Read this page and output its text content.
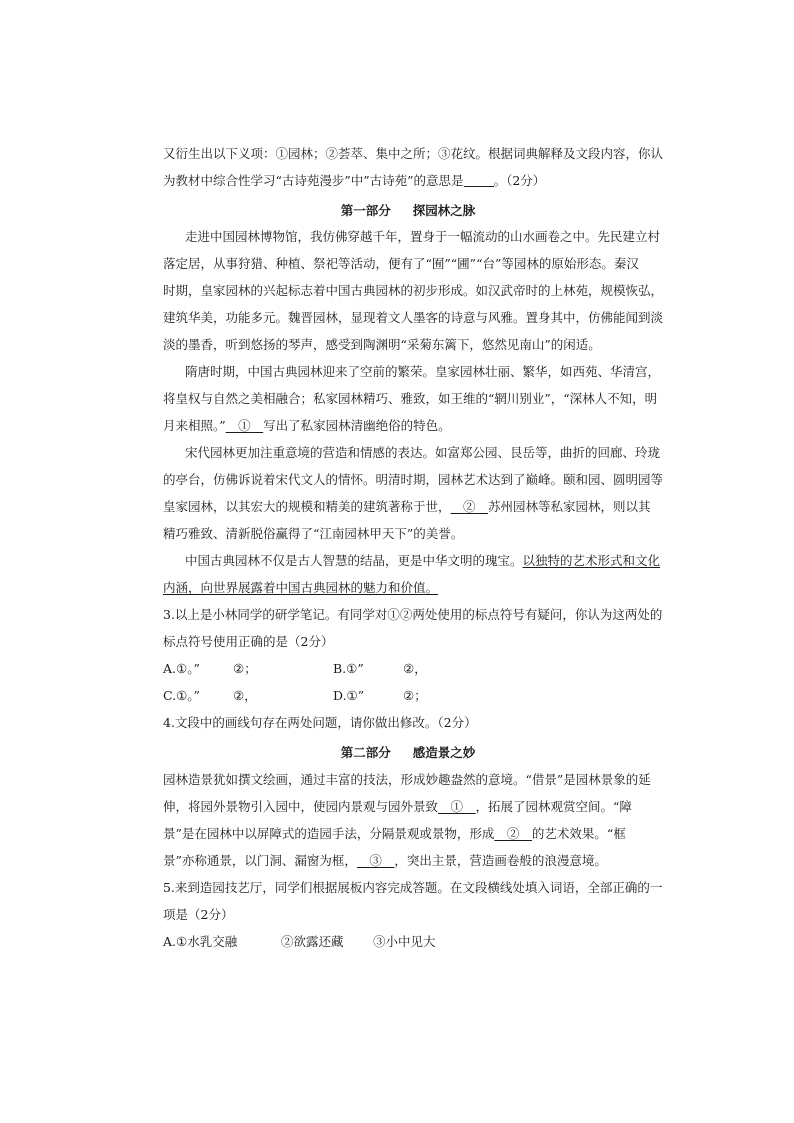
又衍生出以下义项：①园林；②荟萃、集中之所；③花纹。根据词典解释及文段内容，你认
为教材中综合性学习“古诗苑漫步”中”古诗苑”的意思是 。（2分）
第一部分 探园林之脉
走进中国园林博物馆，我仿佛穿越千年，置身于一幅流动的山水画卷之中。先民建立村
落定居，从事狩猎、种植、祭祀等活动，便有了“囿”“圃”“台”等园林的原始形态。秦汉
时期，皇家园林的兴起标志着中国古典园林的初步形成。如汉武帝时的上林苑，规模恢弘，
建筑华美，功能多元。魏晋园林，显现着文人墨客的诗意与风雅。置身其中，仿佛能闻到淡
淡的墨香，听到悠扬的琴声，感受到陶渊明“采菊东篱下，悠然见南山”的闲适。
隋唐时期，中国古典园林迎来了空前的繁荣。皇家园林壮丽、繁华，如西苑、华清宫，
将皇权与自然之美相融合；私家园林精巧、雅致，如王维的“辋川别业”，“深林人不知，明
月来相照。”  ①  写出了私家园林清幽绝俗的特色。
宋代园林更加注重意境的营造和情感的表达。如富郑公园、艮岳等，曲折的回廊、玲珑
的亭台，仿佛诉说着宋代文人的情怀。明清时期，园林艺术达到了巅峰。颐和园、圆明园等
皇家园林，以其宏大的规模和精美的建筑著称于世，  ②  苏州园林等私家园林，则以其
精巧雅致、清新脱俗赢得了“江南园林甲天下”的美誉。
中国古典园林不仅是古人智慧的结晶，更是中华文明的瑰宝。以独特的艺术形式和文化
内涵，向世界展露着中国古典园林的魅力和价值。
3.以上是小林同学的研学笔记。有同学对①②两处使用的标点符号有疑问，你认为这两处的
标点符号使用正确的是（2分）
A.①。”	②；	B.①”	②，
C.①。”	②，	D.①”	②；
4.文段中的画线句存在两处问题，请你做出修改。（2分）
第二部分 感造景之妙
园林造景犹如撰文绘画，通过丰富的技法，形成妙趣盎然的意境。“借景”是园林景象的延
伸，将园外景物引入园中，使园内景观与园外景致  ①  ，拓展了园林观赏空间。“障
景”是在园林中以屏障式的造园手法，分隔景观或景物，形成  ②  的艺术效果。“框
景”亦称通景，以门洞、漏窗为框，  ③  ，突出主景，营造画卷般的浪漫意境。
5.来到造园技艺厅，同学们根据展板内容完成答题。在文段横线处填入词语，全部正确的一
项是（2分）
A.①水乳交融	②欲露还藏 ③小中见大
